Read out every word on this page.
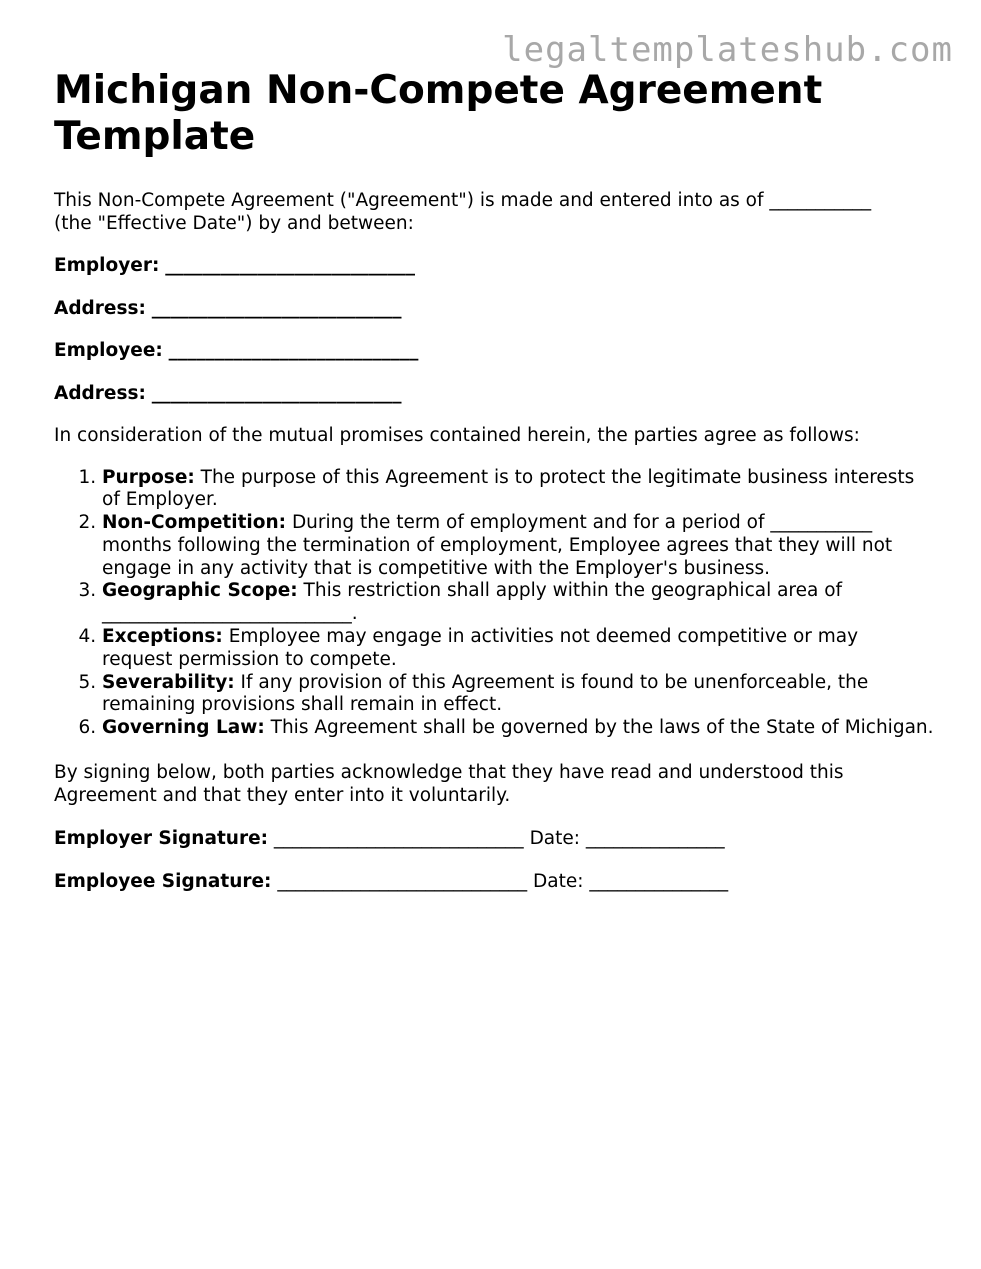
legaltemplateshub.com
Michigan Non-Compete Agreement Template

This Non-Compete Agreement ("Agreement") is made and entered into as of ___________
(the "Effective Date") by and between:

Employer: ___________________________

Address: ___________________________

Employee: ___________________________

Address: ___________________________

In consideration of the mutual promises contained herein, the parties agree as follows:

1. Purpose: The purpose of this Agreement is to protect the legitimate business interests of Employer.
2. Non-Competition: During the term of employment and for a period of ___________ months following the termination of employment, Employee agrees that they will not engage in any activity that is competitive with the Employer's business.
3. Geographic Scope: This restriction shall apply within the geographical area of ___________________________.
4. Exceptions: Employee may engage in activities not deemed competitive or may request permission to compete.
5. Severability: If any provision of this Agreement is found to be unenforceable, the remaining provisions shall remain in effect.
6. Governing Law: This Agreement shall be governed by the laws of the State of Michigan.

By signing below, both parties acknowledge that they have read and understood this Agreement and that they enter into it voluntarily.

Employer Signature: ___________________________ Date: _______________

Employee Signature: ___________________________ Date: _______________
